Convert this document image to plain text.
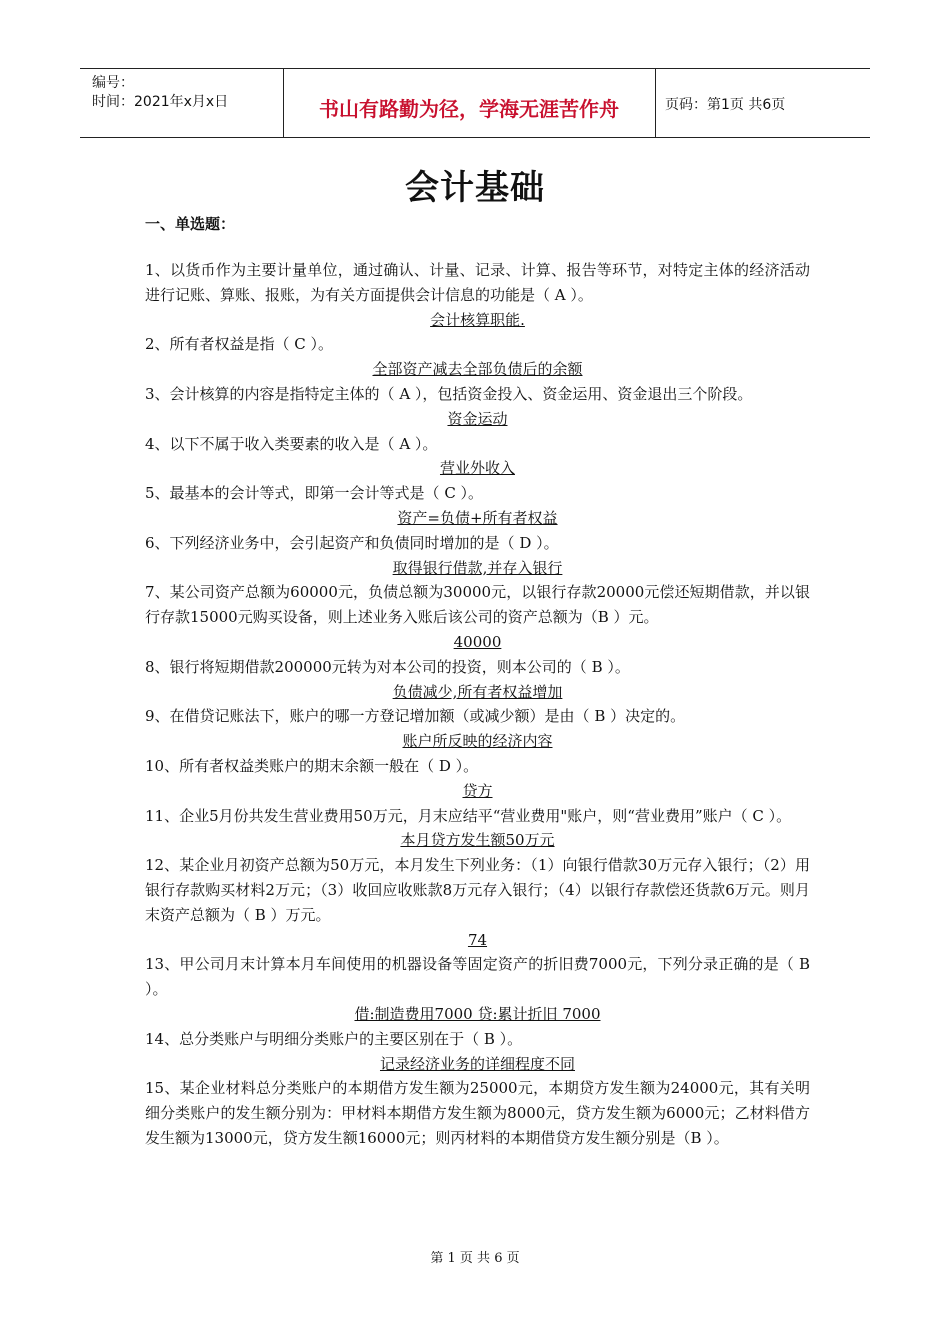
编号：
时间：2021年x月x日	书山有路勤为径，学海无涯苦作舟	页码：第1页 共6页
会计基础
一、单选题：

1、以货币作为主要计量单位，通过确认、计量、记录、计算、报告等环节，对特定主体的经济活动进行记账、算账、报账，为有关方面提供会计信息的功能是（ A ）。

会计核算职能.

2、所有者权益是指（ C ）。

全部资产减去全部负债后的余额

3、会计核算的内容是指特定主体的（ A ），包括资金投入、资金运用、资金退出三个阶段。

资金运动

4、以下不属于收入类要素的收入是（ A ）。

营业外收入

5、最基本的会计等式，即第一会计等式是（ C ）。

资产=负债+所有者权益

6、下列经济业务中，会引起资产和负债同时增加的是（ D ）。

取得银行借款,并存入银行

7、某公司资产总额为60000元，负债总额为30000元，以银行存款20000元偿还短期借款，并以银行存款15000元购买设备，则上述业务入账后该公司的资产总额为（B ）元。

40000

8、银行将短期借款200000元转为对本公司的投资，则本公司的（ B ）。

负债减少,所有者权益增加

9、在借贷记账法下，账户的哪一方登记增加额（或减少额）是由（ B ）决定的。

账户所反映的经济内容

10、所有者权益类账户的期末余额一般在（ D ）。

贷方

11、企业5月份共发生营业费用50万元，月末应结平“营业费用"账户，则“营业费用”账户（ C ）。

本月贷方发生额50万元

12、某企业月初资产总额为50万元，本月发生下列业务：（1）向银行借款30万元存入银行；（2）用银行存款购买材料2万元；（3）收回应收账款8万元存入银行；（4）以银行存款偿还货款6万元。则月末资产总额为（ B ）万元。

74

13、甲公司月末计算本月车间使用的机器设备等固定资产的折旧费7000元，下列分录正确的是（ B ）。

借:制造费用7000 贷:累计折旧 7000

14、总分类账户与明细分类账户的主要区别在于（ B ）。

记录经济业务的详细程度不同

15、某企业材料总分类账户的本期借方发生额为25000元，本期贷方发生额为24000元，其有关明细分类账户的发生额分别为：甲材料本期借方发生额为8000元，贷方发生额为6000元；乙材料借方发生额为13000元，贷方发生额16000元；则丙材料的本期借贷方发生额分别是（B ）。

第 1 页 共 6 页
